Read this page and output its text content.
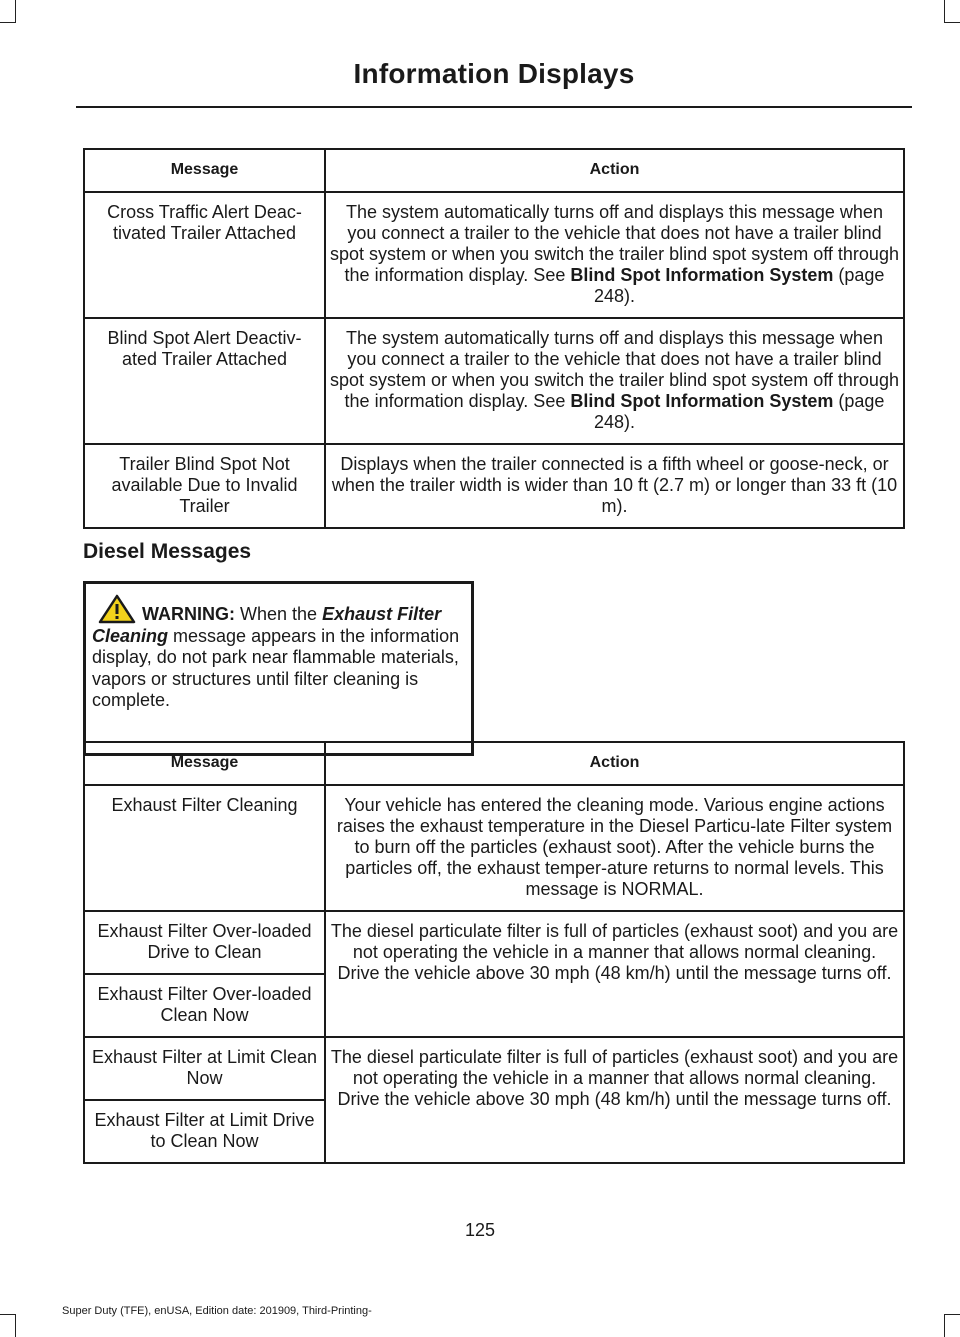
Information Displays
Message	Action
Cross Traffic Alert Deac-tivated Trailer Attached	The system automatically turns off and displays this message when you connect a trailer to the vehicle that does not have a trailer blind spot system or when you switch the trailer blind spot system off through the information display. See Blind Spot Information System (page 248).
Blind Spot Alert Deactiv-ated Trailer Attached	The system automatically turns off and displays this message when you connect a trailer to the vehicle that does not have a trailer blind spot system or when you switch the trailer blind spot system off through the information display. See Blind Spot Information System (page 248).
Trailer Blind Spot Not available Due to Invalid Trailer	Displays when the trailer connected is a fifth wheel or goose-neck, or when the trailer width is wider than 10 ft (2.7 m) or longer than 33 ft (10 m).
Diesel Messages
WARNING: When the Exhaust Filter Cleaning message appears in the information display, do not park near flammable materials, vapors or structures until filter cleaning is complete.
Message	Action
Exhaust Filter Cleaning	Your vehicle has entered the cleaning mode. Various engine actions raises the exhaust temperature in the Diesel Particu-late Filter system to burn off the particles (exhaust soot). After the vehicle burns the particles off, the exhaust temper-ature returns to normal levels. This message is NORMAL.
Exhaust Filter Over-loaded Drive to Clean	The diesel particulate filter is full of particles (exhaust soot) and you are not operating the vehicle in a manner that allows normal cleaning. Drive the vehicle above 30 mph (48 km/h) until the message turns off.
Exhaust Filter Over-loaded Clean Now	
Exhaust Filter at Limit Clean Now	The diesel particulate filter is full of particles (exhaust soot) and you are not operating the vehicle in a manner that allows normal cleaning. Drive the vehicle above 30 mph (48 km/h) until the message turns off.
Exhaust Filter at Limit Drive to Clean Now	
125
Super Duty (TFE), enUSA, Edition date: 201909, Third-Printing-
